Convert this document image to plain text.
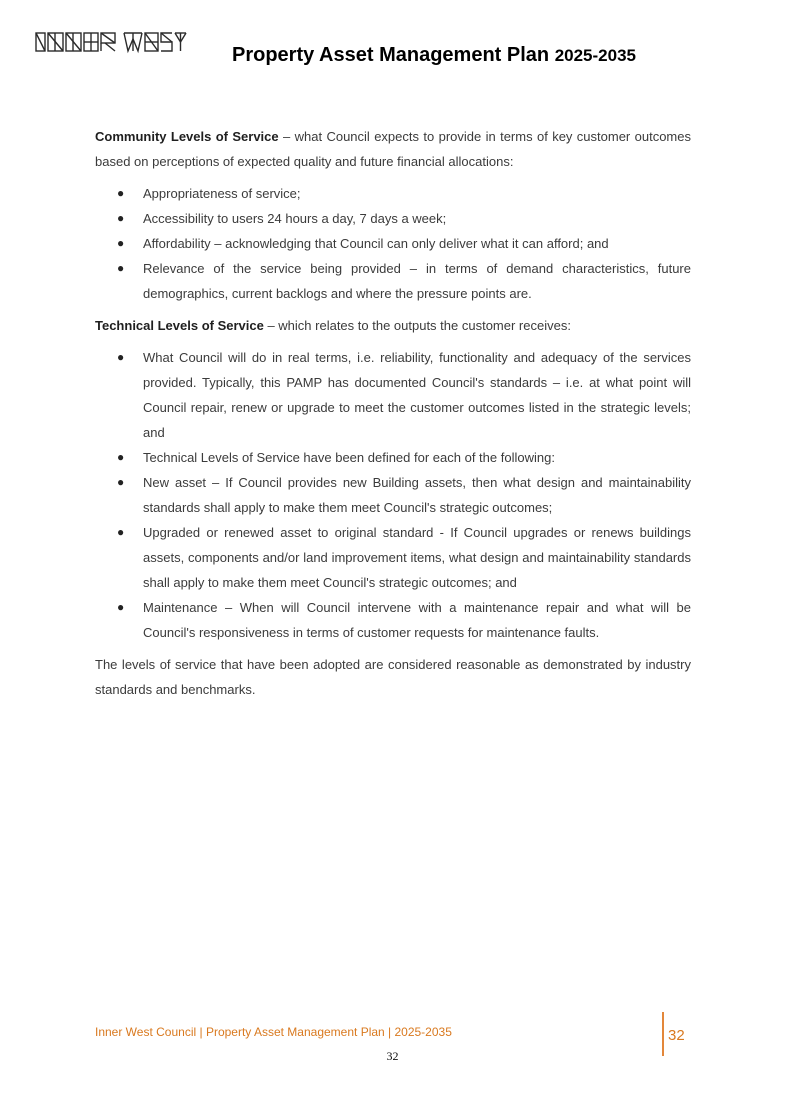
Property Asset Management Plan 2025-2035

Community Levels of Service – what Council expects to provide in terms of key customer outcomes based on perceptions of expected quality and future financial allocations:

● Appropriateness of service;
● Accessibility to users 24 hours a day, 7 days a week;
● Affordability – acknowledging that Council can only deliver what it can afford; and
● Relevance of the service being provided – in terms of demand characteristics, future demographics, current backlogs and where the pressure points are.

Technical Levels of Service – which relates to the outputs the customer receives:

● What Council will do in real terms, i.e. reliability, functionality and adequacy of the services provided. Typically, this PAMP has documented Council's standards – i.e. at what point will Council repair, renew or upgrade to meet the customer outcomes listed in the strategic levels; and
● Technical Levels of Service have been defined for each of the following:
● New asset – If Council provides new Building assets, then what design and maintainability standards shall apply to make them meet Council's strategic outcomes;
● Upgraded or renewed asset to original standard - If Council upgrades or renews buildings assets, components and/or land improvement items, what design and maintainability standards shall apply to make them meet Council's strategic outcomes; and
● Maintenance – When will Council intervene with a maintenance repair and what will be Council's responsiveness in terms of customer requests for maintenance faults.

The levels of service that have been adopted are considered reasonable as demonstrated by industry standards and benchmarks.

Inner West Council | Property Asset Management Plan | 2025-2035	32
32
